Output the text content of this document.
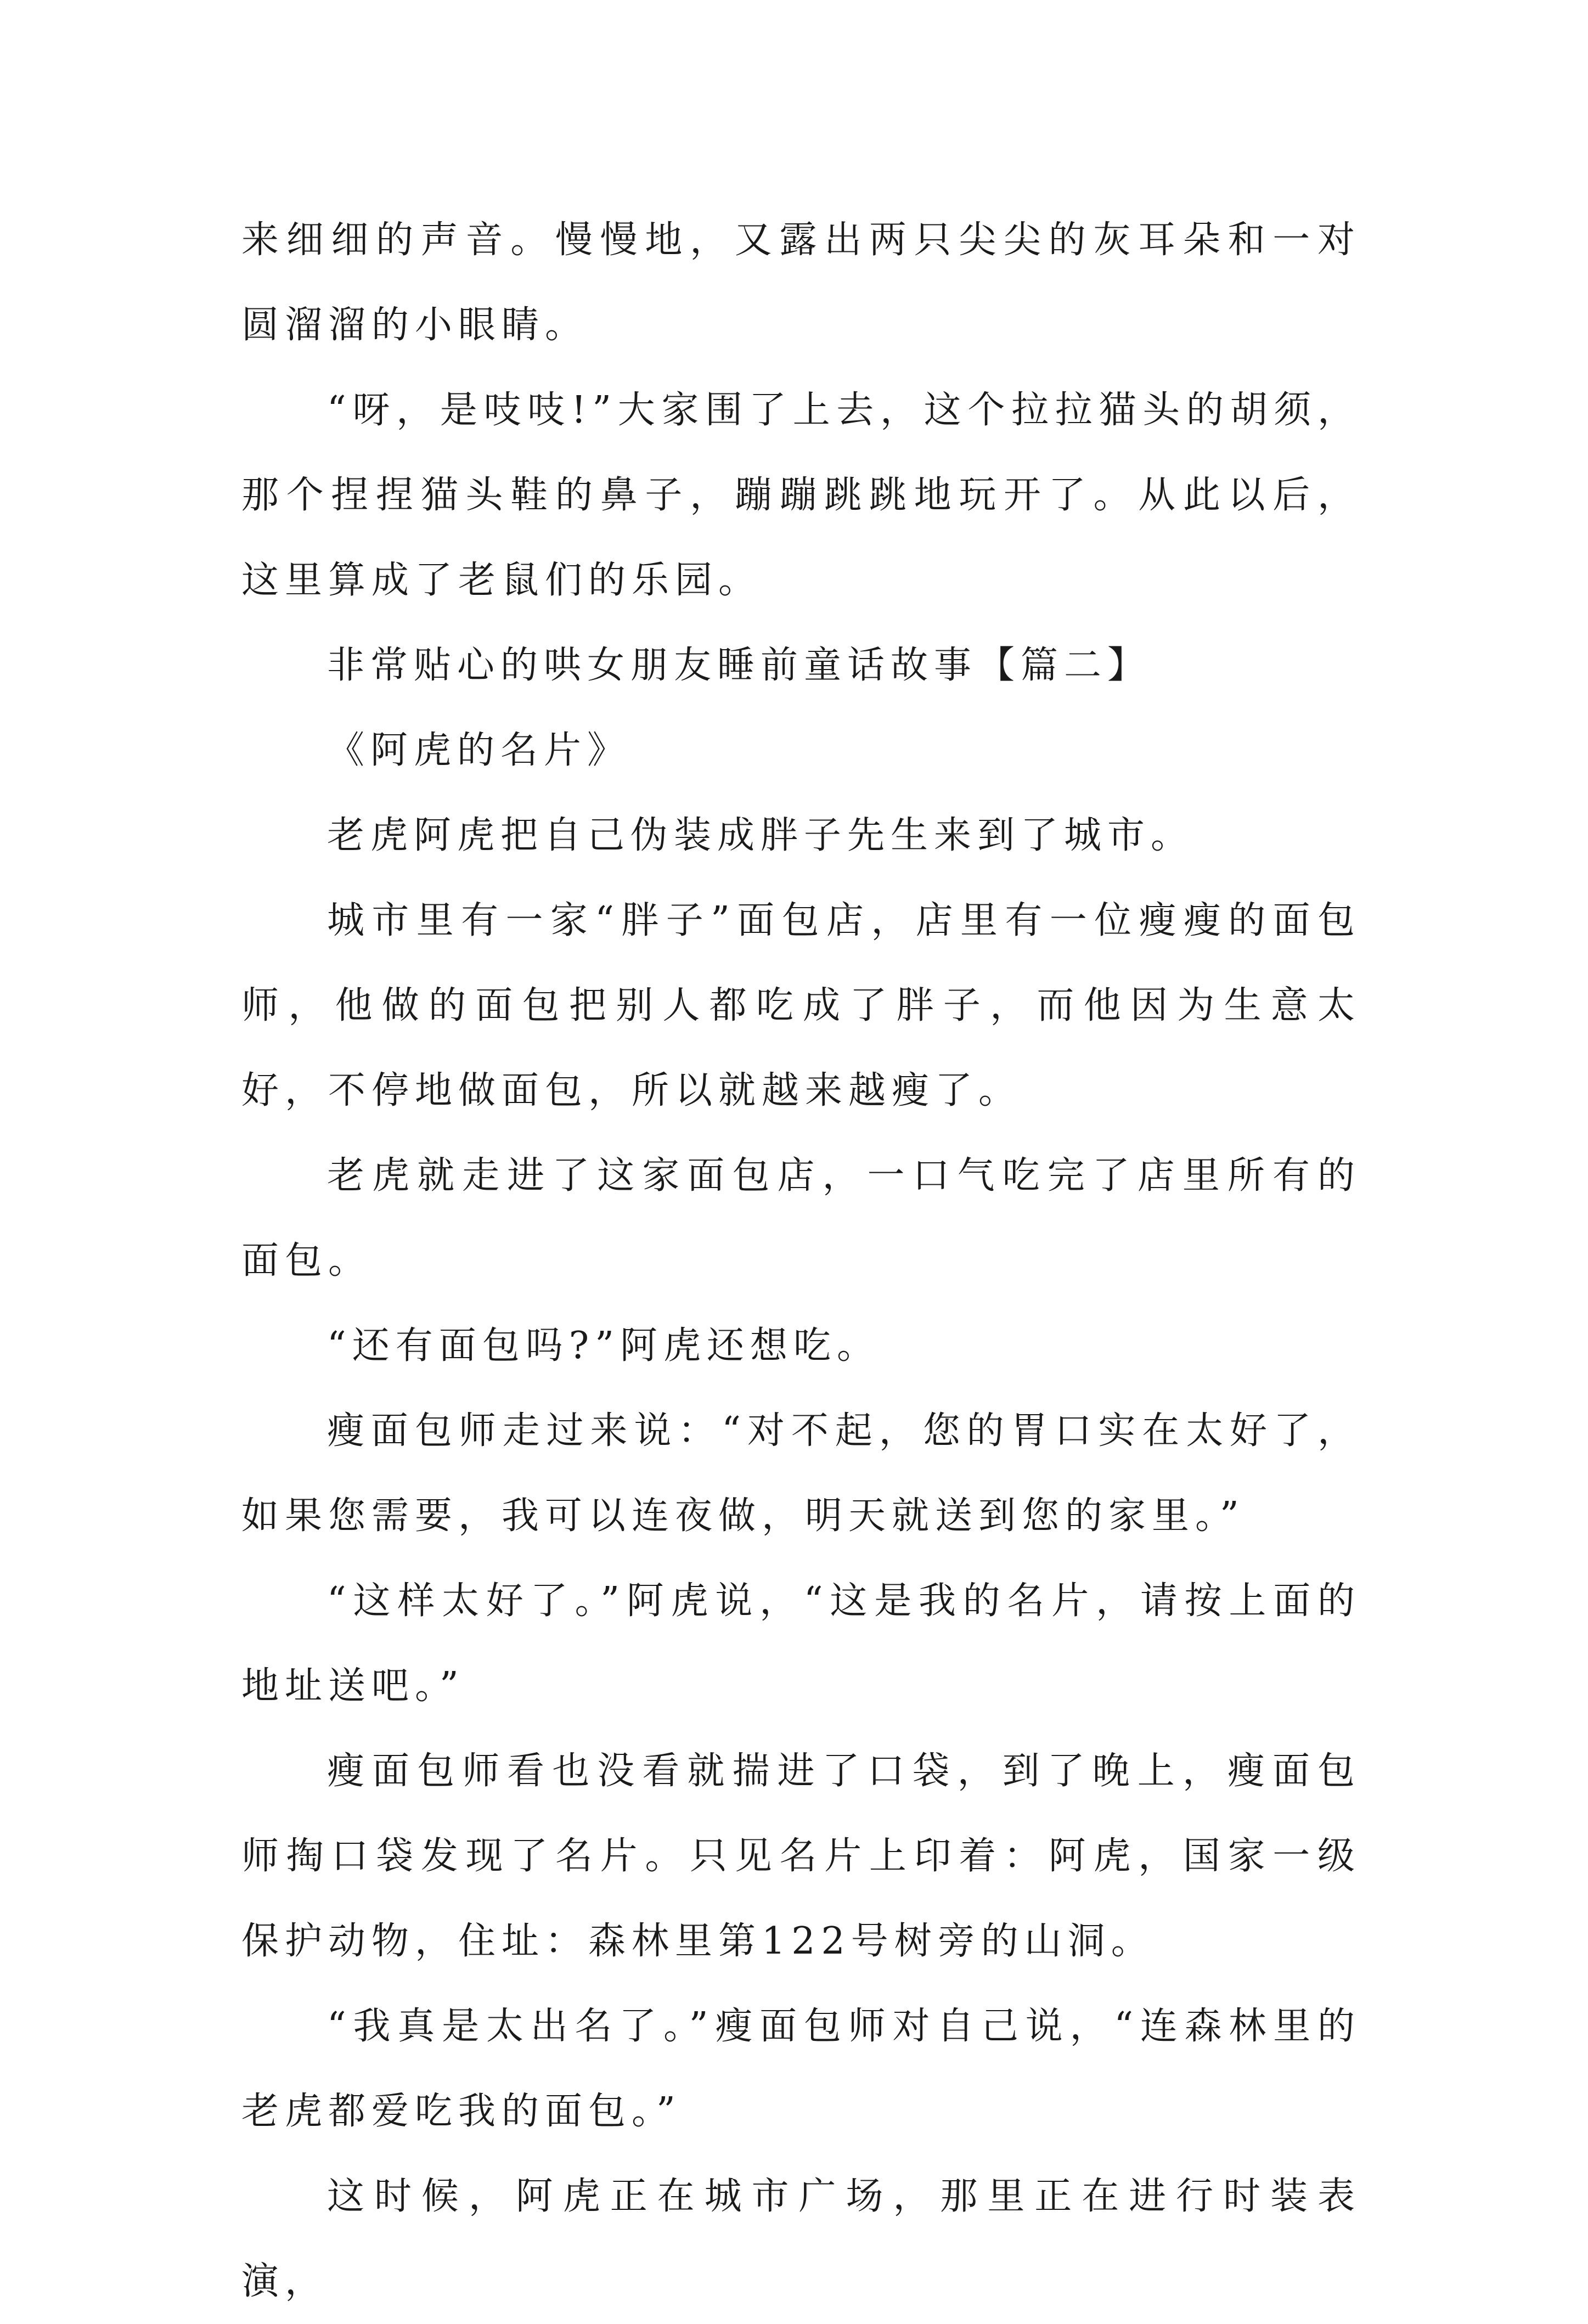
来细细的声音。慢慢地，又露出两只尖尖的灰耳朵和一对圆溜溜的小眼睛。

“呀，是吱吱!”大家围了上去，这个拉拉猫头的胡须，那个捏捏猫头鞋的鼻子，蹦蹦跳跳地玩开了。从此以后，这里算成了老鼠们的乐园。

非常贴心的哄女朋友睡前童话故事【篇二】

《阿虎的名片》

老虎阿虎把自己伪装成胖子先生来到了城市。

城市里有一家“胖子”面包店，店里有一位瘦瘦的面包师，他做的面包把别人都吃成了胖子，而他因为生意太好，不停地做面包，所以就越来越瘦了。

老虎就走进了这家面包店，一口气吃完了店里所有的面包。

“还有面包吗?”阿虎还想吃。

瘦面包师走过来说：“对不起，您的胃口实在太好了，如果您需要，我可以连夜做，明天就送到您的家里。”

“这样太好了。”阿虎说，“这是我的名片，请按上面的地址送吧。”

瘦面包师看也没看就揣进了口袋，到了晚上，瘦面包师掏口袋发现了名片。只见名片上印着：阿虎，国家一级保护动物，住址：森林里第122号树旁的山洞。

“我真是太出名了。”瘦面包师对自己说，“连森林里的老虎都爱吃我的面包。”

这时候，阿虎正在城市广场，那里正在进行时装表演，
